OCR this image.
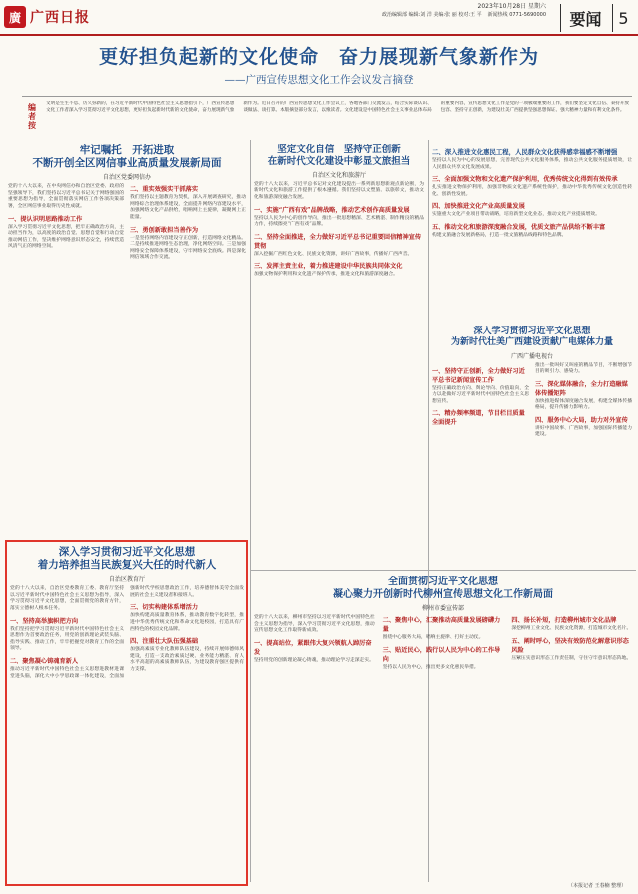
廣 广西日报
2023年10月28日 星期六
政治编辑部 编辑:刘 洋 美编:张 丽 校对:王 平 新闻热线 0771-5690000	要闻	5
更好担负起新的文化使命　奋力展现新气象新作为
——广西宣传思想文化工作会议发言摘登
编者按
文明是生生不息、历久弥新的，在习近平新时代中国特色社会主义思想指引下，广西宣传思想文化工作者深入学习贯彻习近平文化思想，更好担负起新时代新的文化使命，奋力展现新气象新作为。近日召开的广西宣传思想文化工作会议上，各地各部门交流发言，结合实际谈认识、谈做法、谈打算。本版摘登部分发言，以飨读者。文化建设是中国特色社会主义事业总体布局的重要内容，宣传思想文化工作是党的一项极端重要的工作，我们要坚定文化自信、秉持开放包容、坚持守正创新，为建设壮美广西提供坚强思想保证、强大精神力量和有利文化条件。
牢记嘱托　开拓进取
不断开创全区网信事业高质量发展新局面
自治区党委网信办
党的十八大以来，在中央网信办和自治区党委、政府的坚强领导下，我们坚持以习近平总书记关于网络强国的重要思想为指导，全面贯彻落实网信工作各项决策部署，全区网信事业取得历史性成就。
一、提认识明思路推动工作
深入学习贯彻习近平文化思想，把牢正确政治方向，主动担当作为，以高度的政治自觉、思想自觉和行动自觉推动网信工作，坚决维护网络意识形态安全，持续营造风清气正的网络空间。
二、重实效强实干抓落实
我们坚持以主题教育为契机，深入开展调查研究，推动网络综合治理体系建设，全面提升网络内容建设水平，加强网络文化产品供给，唱响网上主旋律，凝聚网上正能量。
三、勇创新敢担当善作为
一是坚持网络内容建设守正创新，打造网络文化精品。二是持续推进网络生态治理，净化网络空间。三是加强网络安全保障体系建设，守牢网络安全底线。四是深化网信领域合作交流。
深入学习贯彻习近平文化思想
着力培养担当民族复兴大任的时代新人
自治区教育厅
党的十八大以来，自治区党委教育工委、教育厅坚持以习近平新时代中国特色社会主义思想为指导，深入学习贯彻习近平文化思想，全面贯彻党的教育方针，落实立德树人根本任务。
一、坚持高举旗帜把方向
我们坚持把学习贯彻习近平新时代中国特色社会主义思想作为首要政治任务，用党的创新理论武装头脑、指导实践、推动工作，牢牢把握党对教育工作的全面领导。
二、聚焦凝心铸魂育新人
推动习近平新时代中国特色社会主义思想进教材进课堂进头脑，深化大中小学思政课一体化建设，全面加强新时代学校思想政治工作，培养德智体美劳全面发展的社会主义建设者和接班人。
三、切实构建体系增活力
加快构建高质量教育体系，推动教育数字化转型，推进中华优秀传统文化和革命文化进校园，打造具有广西特色的校园文化品牌。
四、注重壮大队伍强基础
加强高素质专业化教师队伍建设，持续开展师德师风建设，打造一支政治素质过硬、业务能力精湛、育人水平高超的高素质教师队伍，为建设教育强区提供有力支撑。
坚定文化自信　坚持守正创新
在新时代文化建设中彰显文旅担当
自治区文化和旅游厅
党的十八大以来，习近平总书记对文化建设提出一系列新思想新观点新论断，为新时代文化和旅游工作提供了根本遵循。我们坚持以文塑旅、以旅彰文，推动文化和旅游深度融合发展。
一、实施“广西有戏”品牌战略，推动艺术创作高质量发展
坚持以人民为中心的创作导向，推出一批思想精深、艺术精湛、制作精良的精品力作，持续擦亮“广西有戏”品牌。
二、坚持全面推进，全力做好习近平总书记重要回信精神宣传贯彻
深入挖掘广西红色文化、民族文化资源，讲好广西故事，传播好广西声音。
三、发挥主责主业，着力推进建设中华民族共同体文化
加强文物保护利用和文化遗产保护传承，推进文化和旅游深度融合。
二、深入推进文化惠民工程，人民群众文化获得感幸福感不断增强
坚持以人民为中心的发展思想，完善现代公共文化服务体系，推动公共文化服务提质增效，让人民群众共享文化发展成果。
三、全面加强文物和文化遗产保护利用，优秀传统文化得到有效传承
扎实推进文物保护利用，加强非物质文化遗产系统性保护，推动中华优秀传统文化创造性转化、创新性发展。
四、加快推进文化产业高质量发展
实施重大文化产业项目带动战略，培育新型文化业态，推动文化产业提质增效。
五、推动文化和旅游深度融合发展，优质文旅产品供给不断丰富
构建文旅融合发展新格局，打造一批文旅精品线路和特色品牌。
深入学习贯彻习近平文化思想
为新时代壮美广西建设贡献广电媒体力量
广西广播电视台
一、坚持守正创新，全力做好习近平总书记新闻宣传工作
坚持正确政治方向、舆论导向、价值取向，全力以赴做好习近平新时代中国特色社会主义思想宣传。
二、精办频率频道，节目栏目质量全面提升
推出一批叫好又叫座的精品节目，不断增强节目的吸引力、感染力。
三、深化媒体融合，全力打造融媒体传播矩阵
加快推进媒体深度融合发展，构建全媒体传播格局，提升传播力影响力。
四、服务中心大局，助力对外宣传
讲好中国故事、广西故事，加强国际传播能力建设。
全面贯彻习近平文化思想
凝心聚力开创新时代柳州宣传思想文化工作新局面
柳州市委宣传部
党的十八大以来，柳州市坚持以习近平新时代中国特色社会主义思想为指导，深入学习贯彻习近平文化思想，推动宣传思想文化工作取得新成效。
一、提高站位，紧跟伟大复兴领航人踔厉奋发
坚持用党的创新理论凝心铸魂，推动理论学习走深走实。
二、聚焦中心，汇聚推动高质量发展磅礴力量
围绕中心服务大局，唱响主旋律、打好主动仗。
三、贴近民心，践行以人民为中心的工作导向
坚持以人民为中心，推出更多文化惠民举措。
四、扬长补短，打造柳州城市文化品牌
深挖柳州工业文化、民族文化资源，打造城市文化名片。
五、阐时呼心，坚决有效防范化解意识形态风险
压紧压实意识形态工作责任制，守住守牢意识形态阵地。
（本报记者 王春楠 整理）
